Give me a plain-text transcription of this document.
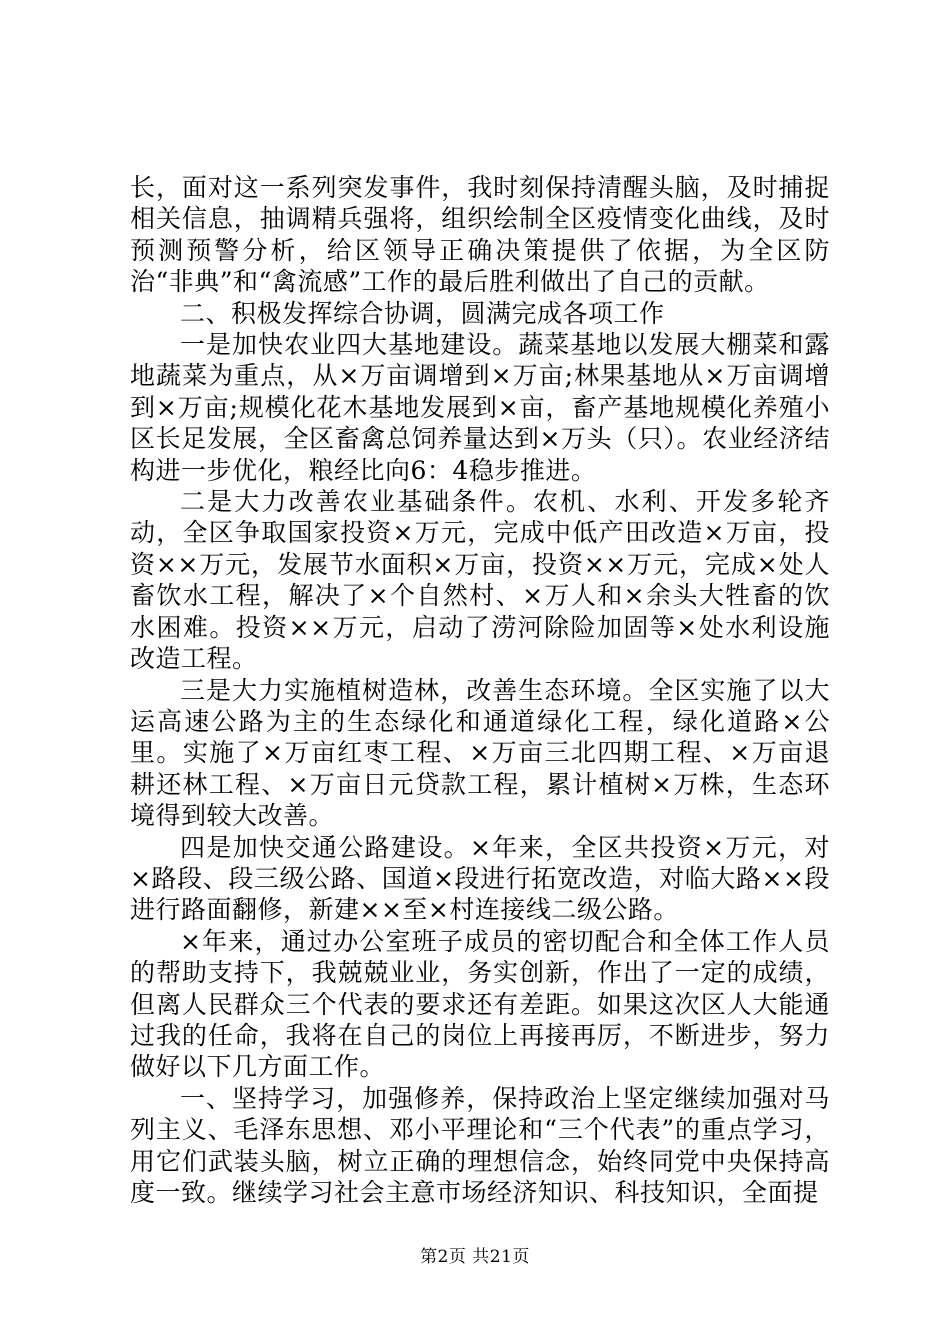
长，面对这一系列突发事件，我时刻保持清醒头脑，及时捕捉相关信息，抽调精兵强将，组织绘制全区疫情变化曲线，及时预测预警分析，给区领导正确决策提供了依据，为全区防治“非典”和“禽流感”工作的最后胜利做出了自己的贡献。

二、积极发挥综合协调，圆满完成各项工作

一是加快农业四大基地建设。蔬菜基地以发展大棚菜和露地蔬菜为重点，从×万亩调增到×万亩;林果基地从×万亩调增到×万亩;规模化花木基地发展到×亩，畜产基地规模化养殖小区长足发展，全区畜禽总饲养量达到×万头（只）。农业经济结构进一步优化，粮经比向6：4稳步推进。

二是大力改善农业基础条件。农机、水利、开发多轮齐动，全区争取国家投资×万元，完成中低产田改造×万亩，投资××万元，发展节水面积×万亩，投资××万元，完成×处人畜饮水工程，解决了×个自然村、×万人和×余头大牲畜的饮水困难。投资××万元，启动了涝河除险加固等×处水利设施改造工程。

三是大力实施植树造林，改善生态环境。全区实施了以大运高速公路为主的生态绿化和通道绿化工程，绿化道路×公里。实施了×万亩红枣工程、×万亩三北四期工程、×万亩退耕还林工程、×万亩日元贷款工程，累计植树×万株，生态环境得到较大改善。

四是加快交通公路建设。×年来，全区共投资×万元，对×路段、段三级公路、国道×段进行拓宽改造，对临大路××段进行路面翻修，新建××至×村连接线二级公路。

×年来，通过办公室班子成员的密切配合和全体工作人员的帮助支持下，我兢兢业业，务实创新，作出了一定的成绩，但离人民群众三个代表的要求还有差距。如果这次区人大能通过我的任命，我将在自己的岗位上再接再厉，不断进步，努力做好以下几方面工作。

一、坚持学习，加强修养，保持政治上坚定继续加强对马列主义、毛泽东思想、邓小平理论和“三个代表”的重点学习，用它们武装头脑，树立正确的理想信念，始终同党中央保持高度一致。继续学习社会主意市场经济知识、科技知识，全面提

第2页 共21页
